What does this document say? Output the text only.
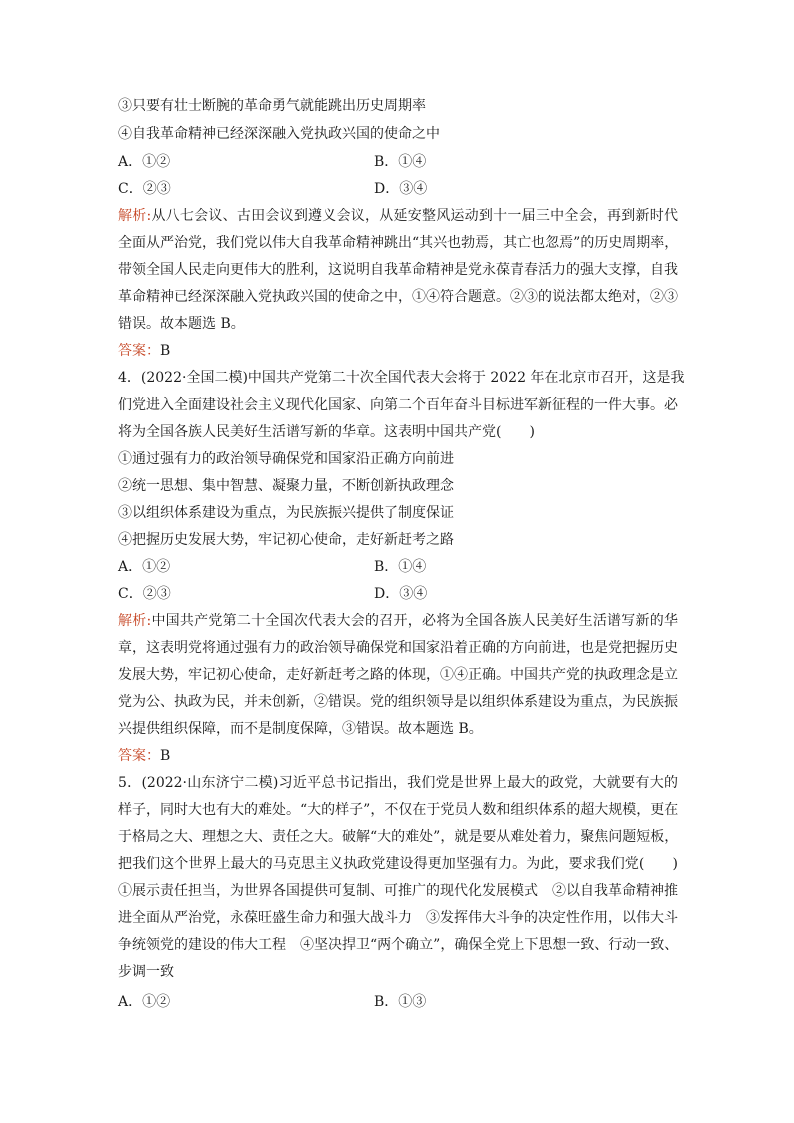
③只要有壮士断腕的革命勇气就能跳出历史周期率
④自我革命精神已经深深融入党执政兴国的使命之中
A．①②	B．①④
C．②③	D．③④
解析:从八七会议、古田会议到遵义会议，从延安整风运动到十一届三中全会，再到新时代
全面从严治党，我们党以伟大自我革命精神跳出“其兴也勃焉，其亡也忽焉”的历史周期率，
带领全国人民走向更伟大的胜利，这说明自我革命精神是党永葆青春活力的强大支撑，自我
革命精神已经深深融入党执政兴国的使命之中，①④符合题意。②③的说法都太绝对，②③
错误。故本题选 B。
答案：B
4．(2022·全国二模)中国共产党第二十次全国代表大会将于 2022 年在北京市召开，这是我
们党进入全面建设社会主义现代化国家、向第二个百年奋斗目标进军新征程的一件大事。必
将为全国各族人民美好生活谱写新的华章。这表明中国共产党(　　)
①通过强有力的政治领导确保党和国家沿正确方向前进
②统一思想、集中智慧、凝聚力量，不断创新执政理念
③以组织体系建设为重点，为民族振兴提供了制度保证
④把握历史发展大势，牢记初心使命，走好新赶考之路
A．①②	B．①④
C．②③	D．③④
解析:中国共产党第二十全国次代表大会的召开，必将为全国各族人民美好生活谱写新的华
章，这表明党将通过强有力的政治领导确保党和国家沿着正确的方向前进，也是党把握历史
发展大势，牢记初心使命，走好新赶考之路的体现，①④正确。中国共产党的执政理念是立
党为公、执政为民，并未创新，②错误。党的组织领导是以组织体系建设为重点，为民族振
兴提供组织保障，而不是制度保障，③错误。故本题选 B。
答案：B
5．(2022·山东济宁二模)习近平总书记指出，我们党是世界上最大的政党，大就要有大的
样子，同时大也有大的难处。“大的样子”，不仅在于党员人数和组织体系的超大规模，更在
于格局之大、理想之大、责任之大。破解“大的难处”，就是要从难处着力，聚焦问题短板，
把我们这个世界上最大的马克思主义执政党建设得更加坚强有力。为此，要求我们党(　　)
①展示责任担当，为世界各国提供可复制、可推广的现代化发展模式　②以自我革命精神推
进全面从严治党，永葆旺盛生命力和强大战斗力　③发挥伟大斗争的决定性作用，以伟大斗
争统领党的建设的伟大工程　④坚决捍卫“两个确立”，确保全党上下思想一致、行动一致、
步调一致
A．①②	B．①③
